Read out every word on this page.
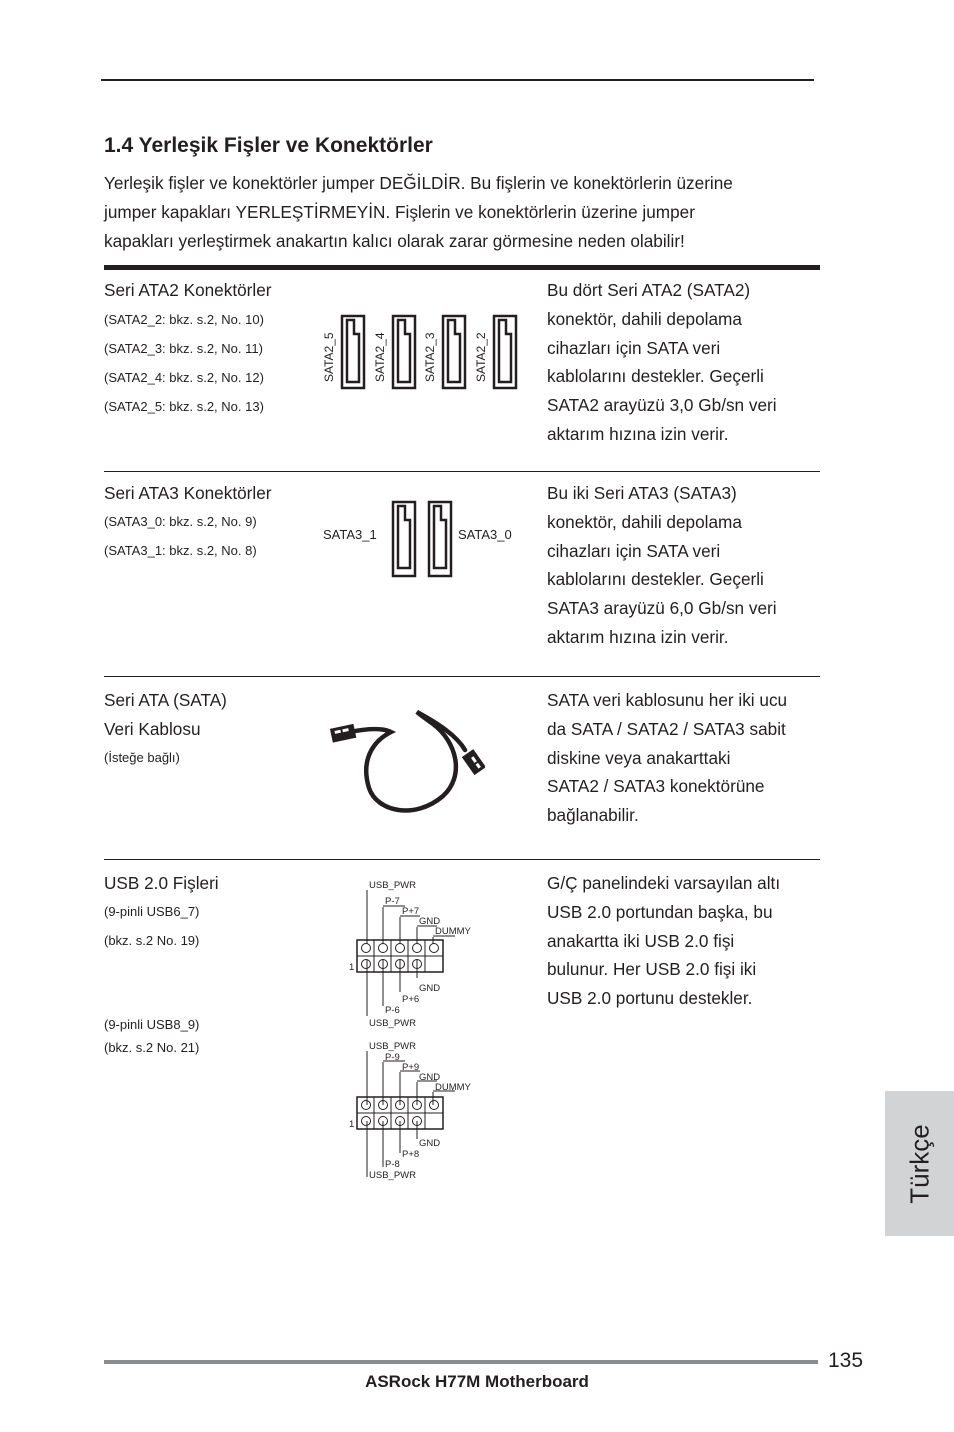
1.4 Yerleşik Fişler ve Konektörler
Yerleşik fişler ve konektörler jumper DEĞİLDİR. Bu fişlerin ve konektörlerin üzerine
jumper kapakları YERLEŞTİRMEYİN. Fişlerin ve konektörlerin üzerine jumper
kapakları yerleştirmek anakartın kalıcı olarak zarar görmesine neden olabilir!
Seri ATA2 Konektörler
(SATA2_2: bkz. s.2, No. 10)
(SATA2_3: bkz. s.2, No. 11)
(SATA2_4: bkz. s.2, No. 12)
(SATA2_5: bkz. s.2, No. 13)
SATA2_5	SATA2_4	SATA2_3	SATA2_2
Bu dört Seri ATA2 (SATA2)
konektör, dahili depolama
cihazları için SATA veri
kablolarını destekler. Geçerli
SATA2 arayüzü 3,0 Gb/sn veri
aktarım hızına izin verir.
Seri ATA3 Konektörler
(SATA3_0: bkz. s.2, No. 9)
(SATA3_1: bkz. s.2, No. 8)
SATA3_1	SATA3_0
Bu iki Seri ATA3 (SATA3)
konektör, dahili depolama
cihazları için SATA veri
kablolarını destekler. Geçerli
SATA3 arayüzü 6,0 Gb/sn veri
aktarım hızına izin verir.
Seri ATA (SATA)
Veri Kablosu
(İsteğe bağlı)
SATA veri kablosunu her iki ucu
da SATA / SATA2 / SATA3 sabit
diskine veya anakarttaki
SATA2 / SATA3 konektörüne
bağlanabilir.
USB 2.0 Fişleri
(9-pinli USB6_7)
(bkz. s.2 No. 19)
(9-pinli USB8_9)
(bkz. s.2 No. 21)
USB_PWR
P-7
P+7
GND
DUMMY
1
GND
P+6
P-6
USB_PWR
USB_PWR
P-9
P+9
GND
DUMMY
1
GND
P+8
P-8
USB_PWR
G/Ç panelindeki varsayılan altı
USB 2.0 portundan başka, bu
anakartta iki USB 2.0 fişi
bulunur. Her USB 2.0 fişi iki
USB 2.0 portunu destekler.
Türkçe
135
ASRock H77M Motherboard
